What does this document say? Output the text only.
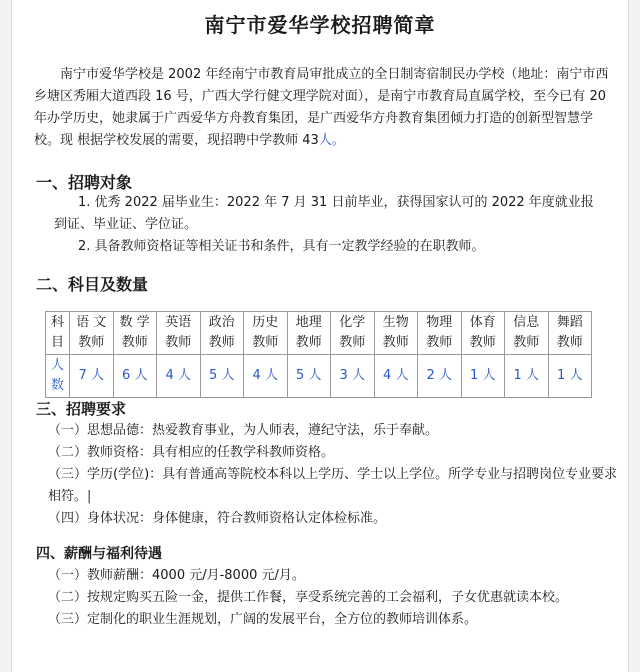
南宁市爱华学校招聘简章
南宁市爱华学校是 2002 年经南宁市教育局审批成立的全日制寄宿制民办学校（地址：南宁市西乡塘区秀厢大道西段 16 号，广西大学行健文理学院对面），是南宁市教育局直属学校，至今已有 20 年办学历史，她隶属于广西爱华方舟教育集团，是广西爱华方舟教育集团倾力打造的创新型智慧学校。现 根据学校发展的需要，现招聘中学教师 43人。
一、招聘对象
1. 优秀 2022 届毕业生：2022 年 7 月 31 日前毕业，获得国家认可的 2022 年度就业报
到证、毕业证、学位证。
2. 具备教师资格证等相关证书和条件，具有一定教学经验的在职教师。
二、科目及数量
科目	语 文 教师	数 学 教师	英语 教师	政治 教师	历史 教师	地理 教师	化学 教师	生物 教师	物理 教师	体育 教师	信息 教师	舞蹈 教师
人数	7 人	6 人	4 人	5 人	4 人	5 人	3 人	4 人	2 人	1 人	1 人	1 人
三、招聘要求
（一）思想品德：热爱教育事业，为人师表，遵纪守法，乐于奉献。
（二）教师资格：具有相应的任教学科教师资格。
（三）学历(学位)：具有普通高等院校本科以上学历、学士以上学位。所学专业与招聘岗位专业要求相符。|
（四）身体状况：身体健康，符合教师资格认定体检标准。
四、薪酬与福利待遇
（一）教师薪酬：4000 元/月-8000 元/月。
（二）按规定购买五险一金，提供工作餐，享受系统完善的工会福利，子女优惠就读本校。
（三）定制化的职业生涯规划，广阔的发展平台，全方位的教师培训体系。
